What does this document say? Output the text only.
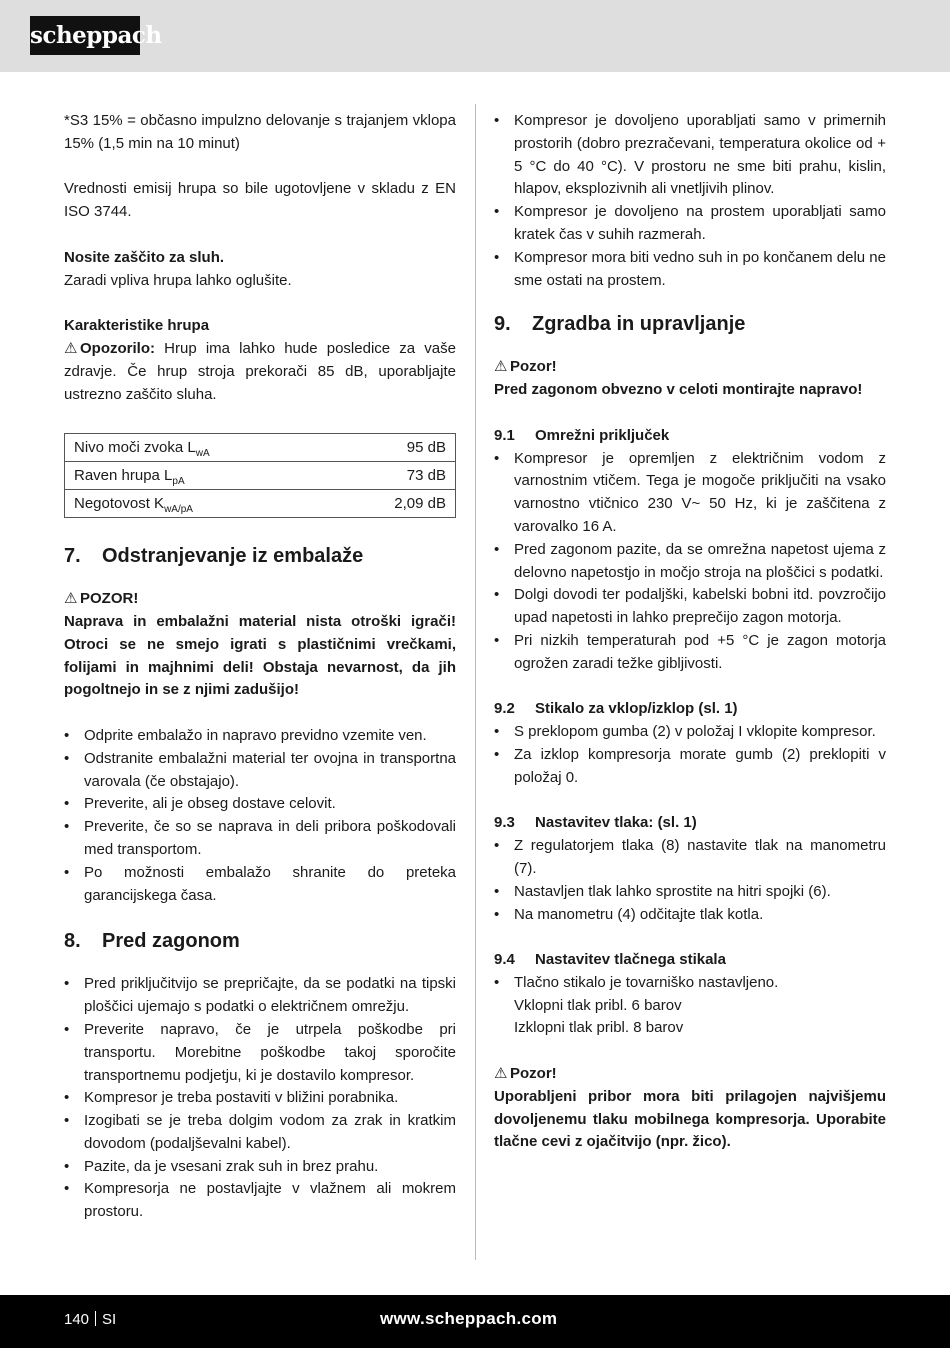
scheppach

*S3 15% = občasno impulzno delovanje s trajanjem vklopa 15% (1,5 min na 10 minut)

Vrednosti emisij hrupa so bile ugotovljene v skladu z EN ISO 3744.

Nosite zaščito za sluh.

Zaradi vpliva hrupa lahko oglušite.

Karakteristike hrupa

⚠ Opozorilo: Hrup ima lahko hude posledice za vaše zdravje. Če hrup stroja prekorači 85 dB, uporabljajte ustrezno zaščito sluha.

Nivo moči zvoka $L_{wA}$	95 dB
Raven hrupa $L_{pA}$	73 dB
Negotovost $K_{wA/pA}$	2,09 dB
7. Odstranjevanje iz embalaže

⚠ POZOR!

Naprava in embalažni material nista otroški igrači! Otroci se ne smejo igrati s plastičnimi vrečkami, folijami in majhnimi deli! Obstaja nevarnost, da jih pogoltnejo in se z njimi zadušijo!

• Odprite embalažo in napravo previdno vzemite ven.
• Odstranite embalažni material ter ovojna in transportna varovala (če obstajajo).
• Preverite, ali je obseg dostave celovit.
• Preverite, če so se naprava in deli pribora poškodovali med transportom.
• Po možnosti embalažo shranite do preteka garancijskega časa.
8. Pred zagonom
• Pred priključitvijo se prepričajte, da se podatki na tipski ploščici ujemajo s podatki o električnem omrežju.
• Preverite napravo, če je utrpela poškodbe pri transportu. Morebitne poškodbe takoj sporočite transportnemu podjetju, ki je dostavilo kompresor.
• Kompresor je treba postaviti v bližini porabnika.
• Izogibati se je treba dolgim vodom za zrak in kratkim dovodom (podaljševalni kabel).
• Pazite, da je vsesani zrak suh in brez prahu.
• Kompresorja ne postavljajte v vlažnem ali mokrem prostoru.
• Kompresor je dovoljeno uporabljati samo v primernih prostorih (dobro prezračevani, temperatura okolice od + 5 °C do 40 °C). V prostoru ne sme biti prahu, kislin, hlapov, eksplozivnih ali vnetljivih plinov.
• Kompresor je dovoljeno na prostem uporabljati samo kratek čas v suhih razmerah.
• Kompresor mora biti vedno suh in po končanem delu ne sme ostati na prostem.
9. Zgradba in upravljanje

⚠ Pozor!

Pred zagonom obvezno v celoti montirajte napravo!

9.1 Omrežni priključek
• Kompresor je opremljen z električnim vodom z varnostnim vtičem. Tega je mogoče priključiti na vsako varnostno vtičnico 230 V~ 50 Hz, ki je zaščitena z varovalko 16 A.
• Pred zagonom pazite, da se omrežna napetost ujema z delovno napetostjo in močjo stroja na ploščici s podatki.
• Dolgi dovodi ter podaljški, kabelski bobni itd. povzročijo upad napetosti in lahko preprečijo zagon motorja.
• Pri nizkih temperaturah pod +5 °C je zagon motorja ogrožen zaradi težke gibljivosti.
9.2 Stikalo za vklop/izklop (sl. 1)
• S preklopom gumba (2) v položaj I vklopite kompresor.
• Za izklop kompresorja morate gumb (2) preklopiti v položaj 0.
9.3 Nastavitev tlaka: (sl. 1)
• Z regulatorjem tlaka (8) nastavite tlak na manometru (7).
• Nastavljen tlak lahko sprostite na hitri spojki (6).
• Na manometru (4) odčitajte tlak kotla.
9.4 Nastavitev tlačnega stikala
• Tlačno stikalo je tovarniško nastavljeno.

Vklopni tlak pribl. 6 barov

Izklopni tlak pribl. 8 barov

⚠ Pozor!

Uporabljeni pribor mora biti prilagojen najvišjemu dovoljenemu tlaku mobilnega kompresorja. Uporabite tlačne cevi z ojačitvijo (npr. žico).

140 SI	www.scheppach.com
